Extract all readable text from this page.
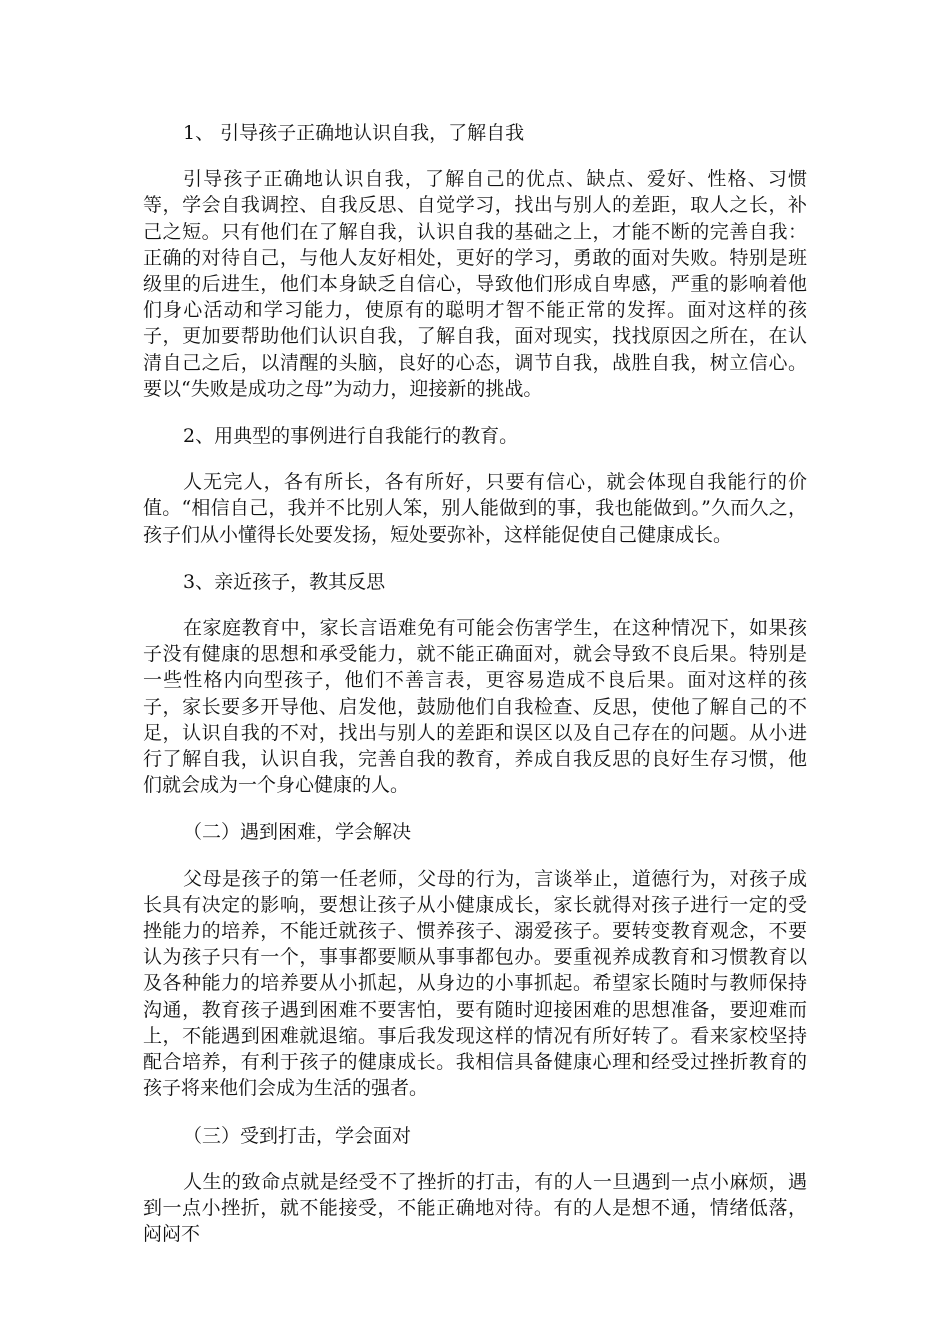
1、 引导孩子正确地认识自我，了解自我

引导孩子正确地认识自我，了解自己的优点、缺点、爱好、性格、习惯等，学会自我调控、自我反思、自觉学习，找出与别人的差距，取人之长，补己之短。只有他们在了解自我，认识自我的基础之上，才能不断的完善自我：正确的对待自己，与他人友好相处，更好的学习，勇敢的面对失败。特别是班级里的后进生，他们本身缺乏自信心，导致他们形成自卑感，严重的影响着他们身心活动和学习能力，使原有的聪明才智不能正常的发挥。面对这样的孩子，更加要帮助他们认识自我，了解自我，面对现实，找找原因之所在，在认清自己之后，以清醒的头脑，良好的心态，调节自我，战胜自我，树立信心。要以“失败是成功之母”为动力，迎接新的挑战。

2、用典型的事例进行自我能行的教育。

人无完人，各有所长，各有所好，只要有信心，就会体现自我能行的价值。“相信自己，我并不比别人笨，别人能做到的事，我也能做到。”久而久之，孩子们从小懂得长处要发扬，短处要弥补，这样能促使自己健康成长。

3、亲近孩子，教其反思

在家庭教育中，家长言语难免有可能会伤害学生，在这种情况下，如果孩子没有健康的思想和承受能力，就不能正确面对，就会导致不良后果。特别是一些性格内向型孩子，他们不善言表，更容易造成不良后果。面对这样的孩子，家长要多开导他、启发他，鼓励他们自我检查、反思，使他了解自己的不足，认识自我的不对，找出与别人的差距和误区以及自己存在的问题。从小进行了解自我，认识自我，完善自我的教育，养成自我反思的良好生存习惯，他们就会成为一个身心健康的人。

（二）遇到困难，学会解决

父母是孩子的第一任老师，父母的行为，言谈举止，道德行为，对孩子成长具有决定的影响，要想让孩子从小健康成长，家长就得对孩子进行一定的受挫能力的培养，不能迁就孩子、惯养孩子、溺爱孩子。要转变教育观念，不要认为孩子只有一个，事事都要顺从事事都包办。要重视养成教育和习惯教育以及各种能力的培养要从小抓起，从身边的小事抓起。希望家长随时与教师保持沟通，教育孩子遇到困难不要害怕，要有随时迎接困难的思想准备，要迎难而上，不能遇到困难就退缩。事后我发现这样的情况有所好转了。看来家校坚持配合培养，有利于孩子的健康成长。我相信具备健康心理和经受过挫折教育的孩子将来他们会成为生活的强者。

（三）受到打击，学会面对

人生的致命点就是经受不了挫折的打击，有的人一旦遇到一点小麻烦，遇到一点小挫折，就不能接受，不能正确地对待。有的人是想不通，情绪低落，闷闷不
